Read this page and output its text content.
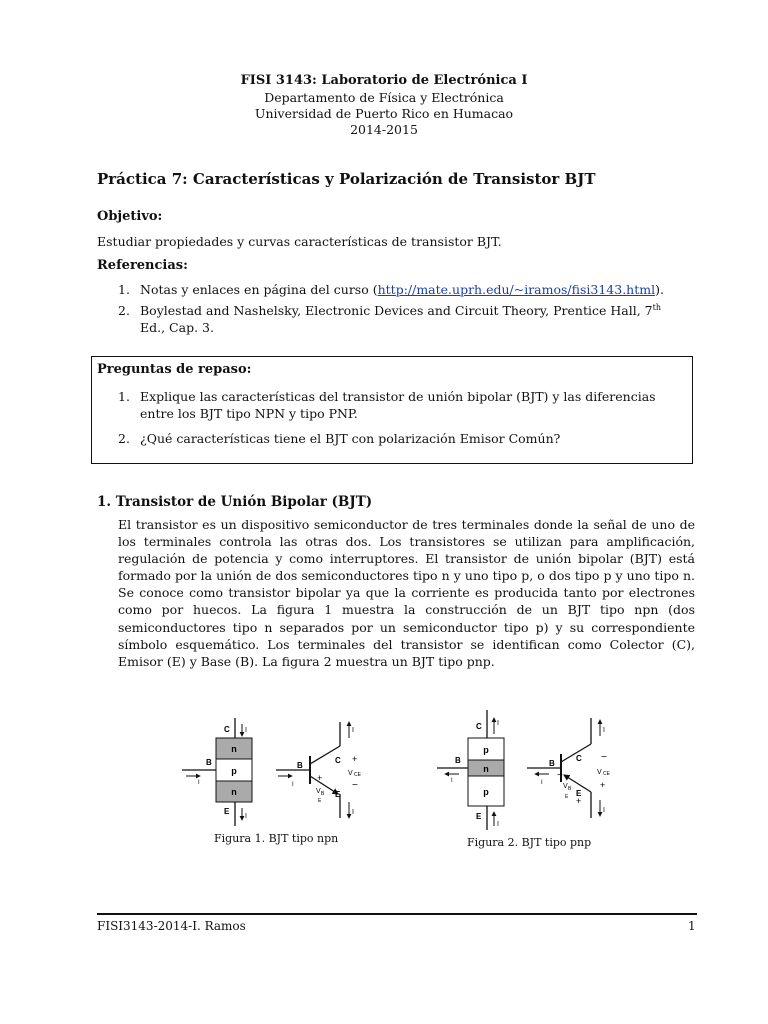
FISI 3143: Laboratorio de Electrónica I
Departamento de Física y Electrónica
Universidad de Puerto Rico en Humacao
2014-2015
Práctica 7: Características y Polarización de Transistor BJT
Objetivo:
Estudiar propiedades y curvas características de transistor BJT.
Referencias:
1. Notas y enlaces en página del curso (http://mate.uprh.edu/~iramos/fisi3143.html).
2. Boylestad and Nashelsky, Electronic Devices and Circuit Theory, Prentice Hall, 7th
Ed., Cap. 3.
Preguntas de repaso:
1. Explique las características del transistor de unión bipolar (BJT) y las diferencias
entre los BJT tipo NPN y tipo PNP.
2. ¿Qué características tiene el BJT con polarización Emisor Común?
1. Transistor de Unión Bipolar (BJT)
El transistor es un dispositivo semiconductor de tres terminales donde la señal de uno de los terminales controla las otras dos. Los transistores se utilizan para amplificación, regulación de potencia y como interruptores. El transistor de unión bipolar (BJT) está formado por la unión de dos semiconductores tipo n y uno tipo p, o dos tipo p y uno tipo n. Se conoce como transistor bipolar ya que la corriente es producida tanto por electrones como por huecos. La figura 1 muestra la construcción de un BJT tipo npn (dos semiconductores tipo n separados por un semiconductor tipo p) y su correspondiente símbolo esquemático. Los terminales del transistor se identifican como Colector (C), Emisor (E) y Base (B). La figura 2 muestra un BJT tipo pnp.
n
p
n
C I
B
I
E
I
C
B
E
I
I
I
+
V CE
−
+
V B
E
Figura 1. BJT tipo npn
p
n
p
C I
B
I
E
I
C
B
E
I
I
I
−
V CE
+
−
V B
E +
Figura 2. BJT tipo pnp
FISI3143-2014-I. Ramos	1
